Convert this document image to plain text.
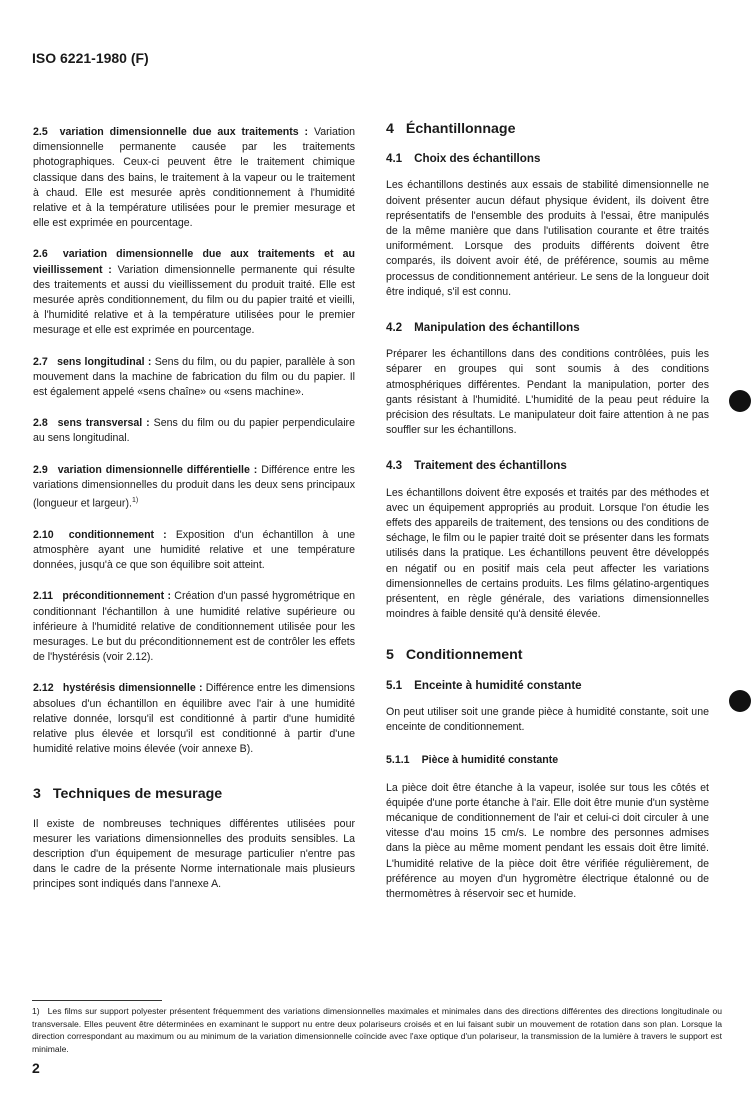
ISO 6221-1980 (F)

2.5 variation dimensionnelle due aux traitements : Variation dimensionnelle permanente causée par les traitements photographiques. Ceux-ci peuvent être le traitement chimique classique dans des bains, le traitement à la vapeur ou le traitement à chaud. Elle est mesurée après conditionnement à l'humidité relative et à la température utilisées pour le premier mesurage et elle est exprimée en pourcentage.

2.6 variation dimensionnelle due aux traitements et au vieillissement : Variation dimensionnelle permanente qui résulte des traitements et aussi du vieillissement du produit traité. Elle est mesurée après conditionnement, du film ou du papier traité et vieilli, à l'humidité relative et à la température utilisées pour le premier mesurage et elle est exprimée en pourcentage.

2.7 sens longitudinal : Sens du film, ou du papier, parallèle à son mouvement dans la machine de fabrication du film ou du papier. Il est également appelé «sens chaîne» ou «sens machine».

2.8 sens transversal : Sens du film ou du papier perpendiculaire au sens longitudinal.

2.9 variation dimensionnelle différentielle : Différence entre les variations dimensionnelles du produit dans les deux sens principaux (longueur et largeur).$^{1)}$

2.10 conditionnement : Exposition d'un échantillon à une atmosphère ayant une humidité relative et une température données, jusqu'à ce que son équilibre soit atteint.

2.11 préconditionnement : Création d'un passé hygrométrique en conditionnant l'échantillon à une humidité relative supérieure ou inférieure à l'humidité relative de conditionnement utilisée pour les mesurages. Le but du préconditionnement est de contrôler les effets de l'hystérésis (voir 2.12).

2.12 hystérésis dimensionnelle : Différence entre les dimensions absolues d'un échantillon en équilibre avec l'air à une humidité relative donnée, lorsqu'il est conditionné à partir d'une humidité relative plus élevée et lorsqu'il est conditionné à partir d'une humidité relative moins élevée (voir annexe B).

3 Techniques de mesurage

Il existe de nombreuses techniques différentes utilisées pour mesurer les variations dimensionnelles des produits sensibles. La description d'un équipement de mesurage particulier n'entre pas dans le cadre de la présente Norme internationale mais plusieurs principes sont indiqués dans l'annexe A.

4 Échantillonnage
4.1 Choix des échantillons

Les échantillons destinés aux essais de stabilité dimensionnelle ne doivent présenter aucun défaut physique évident, ils doivent être représentatifs de l'ensemble des produits à l'essai, être manipulés de la même manière que dans l'utilisation courante et être traités uniformément. Lorsque des produits différents doivent être comparés, ils doivent avoir été, de préférence, soumis au même processus de conditionnement antérieur. Le sens de la longueur doit être indiqué, s'il est connu.

4.2 Manipulation des échantillons

Préparer les échantillons dans des conditions contrôlées, puis les séparer en groupes qui sont soumis à des conditions atmosphériques différentes. Pendant la manipulation, porter des gants résistant à l'humidité. L'humidité de la peau peut réduire la précision des résultats. Le manipulateur doit faire attention à ne pas souffler sur les échantillons.

4.3 Traitement des échantillons

Les échantillons doivent être exposés et traités par des méthodes et avec un équipement appropriés au produit. Lorsque l'on étudie les effets des appareils de traitement, des tensions ou des conditions de séchage, le film ou le papier traité doit se présenter dans les formats utilisés dans la pratique. Les échantillons peuvent être développés en négatif ou en positif mais cela peut affecter les variations dimensionnelles de certains produits. Les films gélatino-argentiques présentent, en règle générale, des variations dimensionnelles moindres à faible densité qu'à densité élevée.

5 Conditionnement
5.1 Enceinte à humidité constante

On peut utiliser soit une grande pièce à humidité constante, soit une enceinte de conditionnement.

5.1.1 Pièce à humidité constante

La pièce doit être étanche à la vapeur, isolée sur tous les côtés et équipée d'une porte étanche à l'air. Elle doit être munie d'un système mécanique de conditionnement de l'air et celui-ci doit circuler à une vitesse d'au moins 15 cm/s. Le nombre des personnes admises dans la pièce au même moment pendant les essais doit être limité. L'humidité relative de la pièce doit être vérifiée régulièrement, de préférence au moyen d'un hygromètre électrique étalonné ou de thermomètres à réservoir sec et humide.

1) Les films sur support polyester présentent fréquemment des variations dimensionnelles maximales et minimales dans des directions différentes des directions longitudinale ou transversale. Elles peuvent être déterminées en examinant le support nu entre deux polariseurs croisés et en lui faisant subir un mouvement de rotation dans son plan. Lorsque la direction correspondant au maximum ou au minimum de la variation dimensionnelle coïncide avec l'axe optique d'un polariseur, la transmission de la lumière à travers le support est minimale.
2
